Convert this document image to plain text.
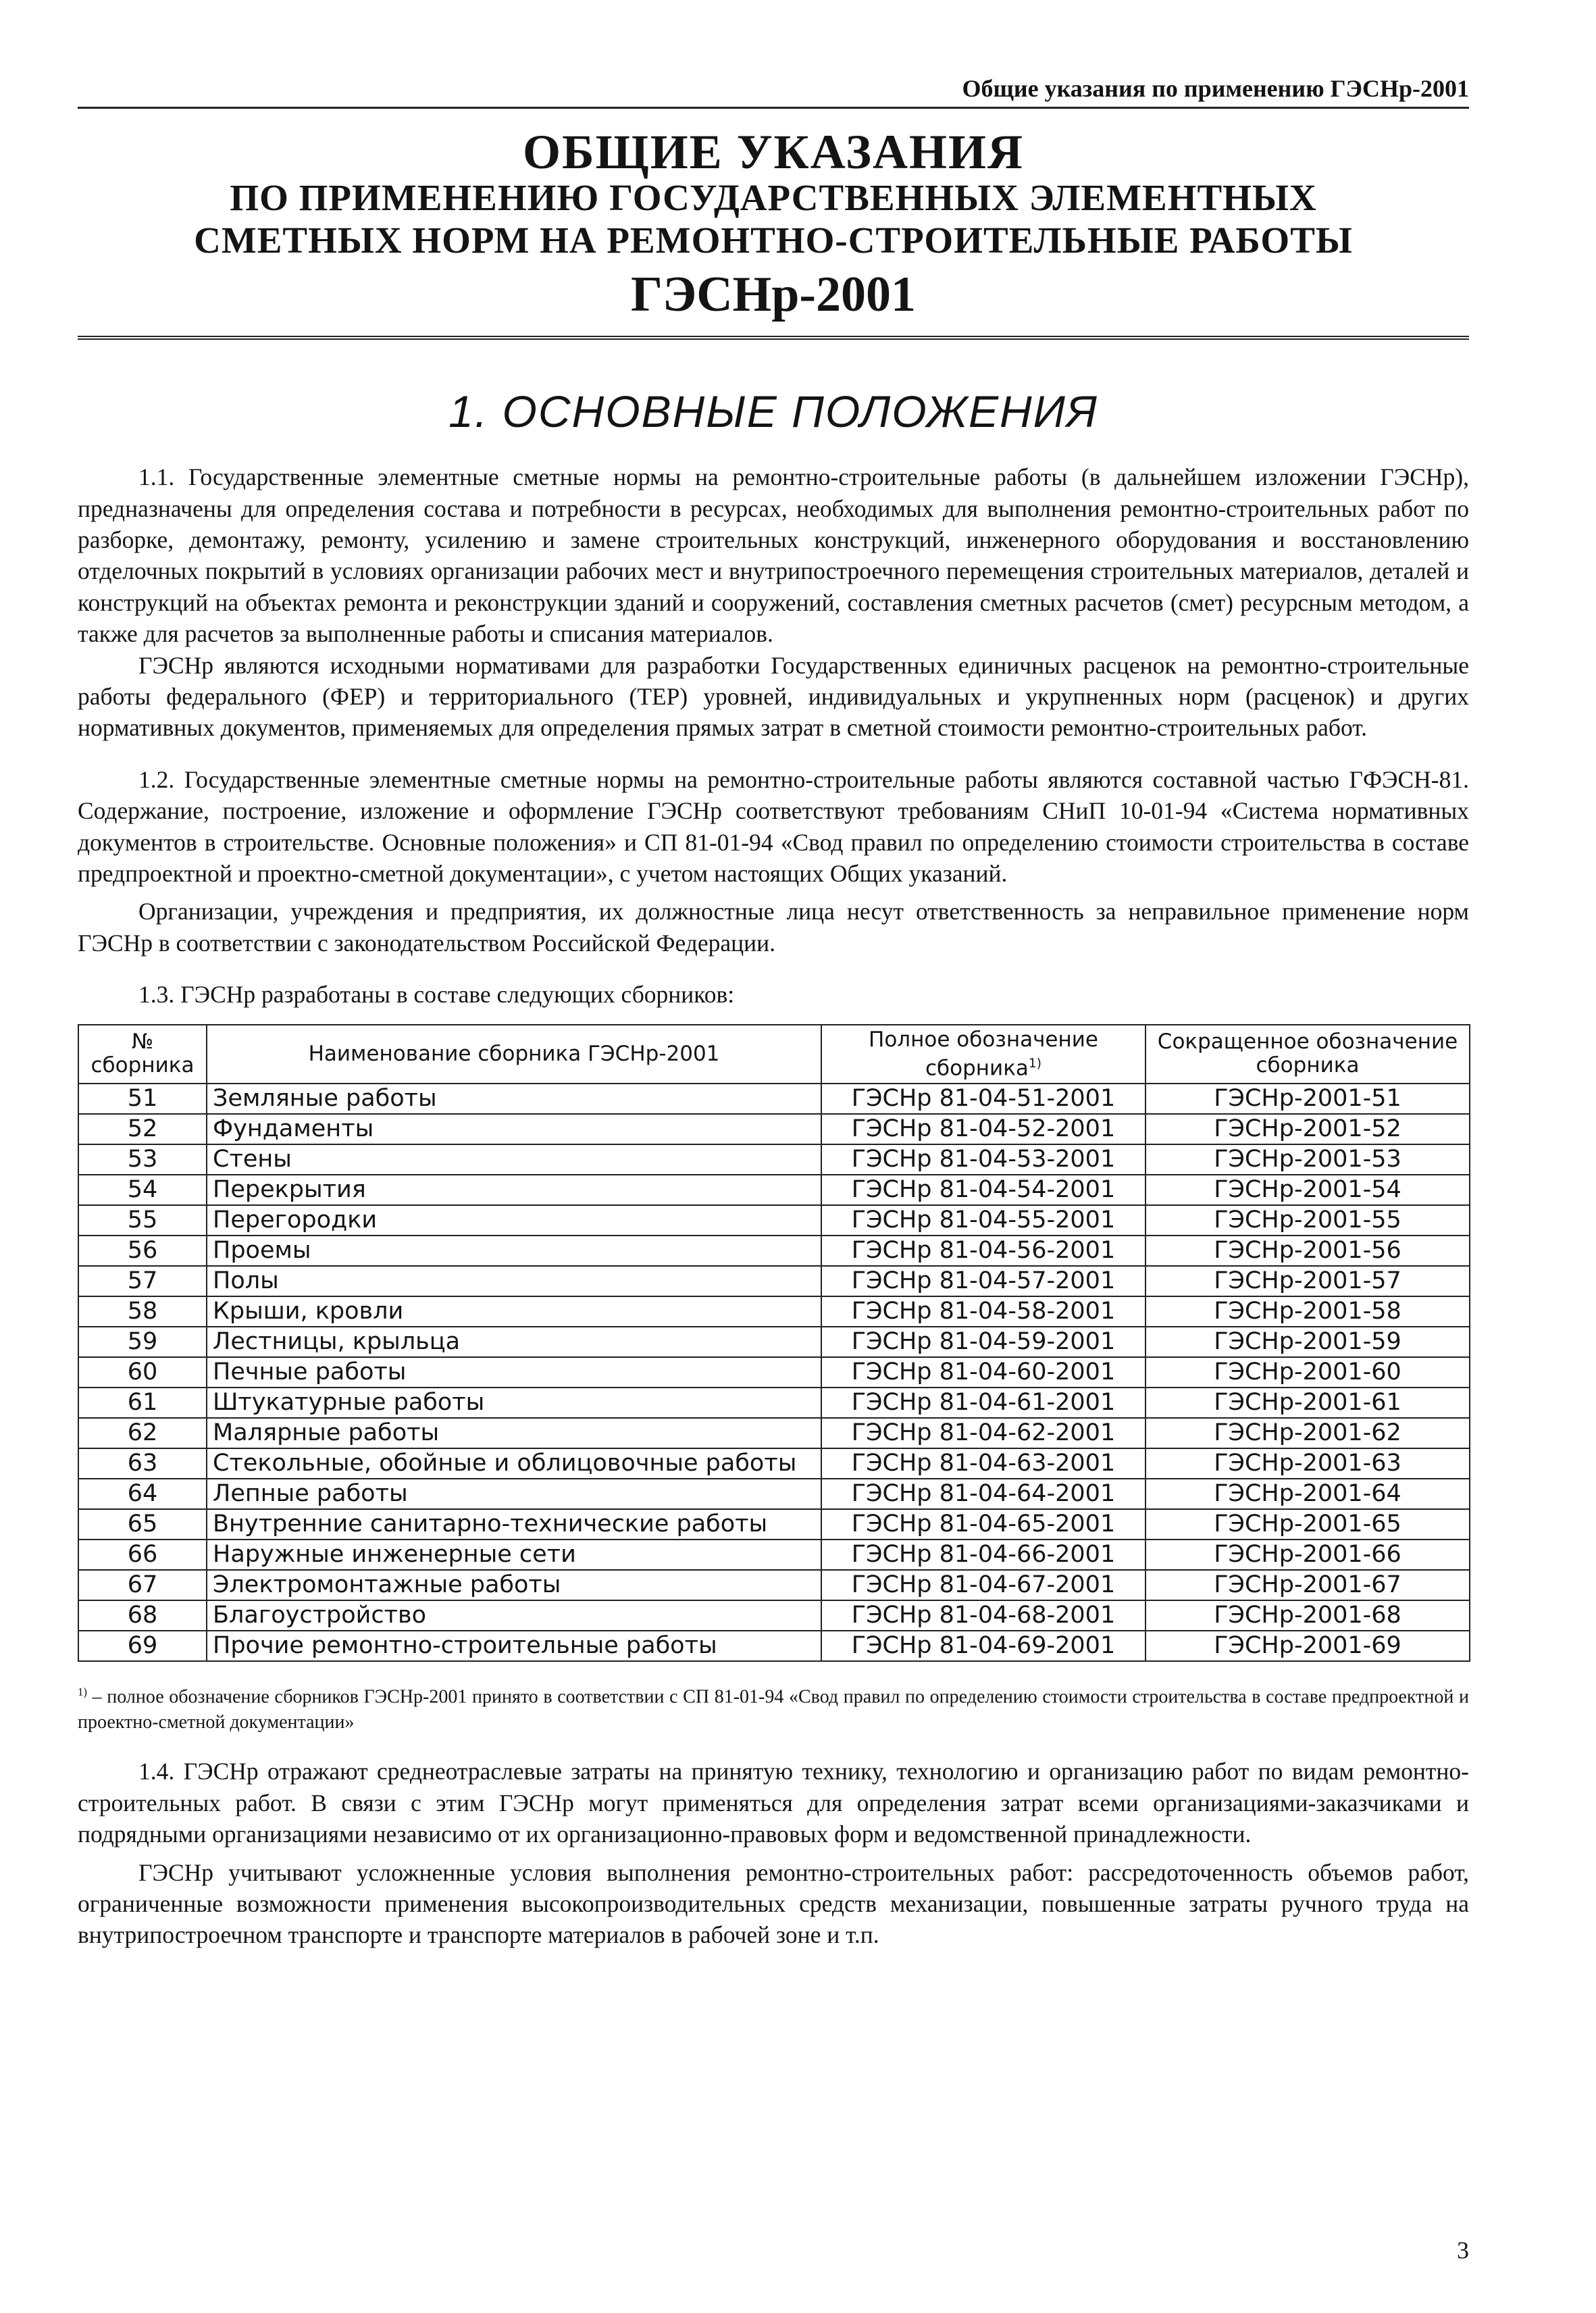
Общие указания по применению ГЭСНр-2001
ОБЩИЕ УКАЗАНИЯ
ПО ПРИМЕНЕНИЮ ГОСУДАРСТВЕННЫХ ЭЛЕМЕНТНЫХ
СМЕТНЫХ НОРМ НА РЕМОНТНО-СТРОИТЕЛЬНЫЕ РАБОТЫ
ГЭСНр-2001
1. ОСНОВНЫЕ ПОЛОЖЕНИЯ

1.1. Государственные элементные сметные нормы на ремонтно-строительные работы (в дальнейшем изложении ГЭСНр), предназначены для определения состава и потребности в ресурсах, необходимых для выполнения ремонтно-строительных работ по разборке, демонтажу, ремонту, усилению и замене строительных конструкций, инженерного оборудования и восстановлению отделочных покрытий в условиях организации рабочих мест и внутрипостроечного перемещения строительных материалов, деталей и конструкций на объектах ремонта и реконструкции зданий и сооружений, составления сметных расчетов (смет) ресурсным методом, а также для расчетов за выполненные работы и списания материалов.

ГЭСНр являются исходными нормативами для разработки Государственных единичных расценок на ремонтно-строительные работы федерального (ФЕР) и территориального (ТЕР) уровней, индивидуальных и укрупненных норм (расценок) и других нормативных документов, применяемых для определения прямых затрат в сметной стоимости ремонтно-строительных работ.

1.2. Государственные элементные сметные нормы на ремонтно-строительные работы являются составной частью ГФЭСН-81. Содержание, построение, изложение и оформление ГЭСНр соответствуют требованиям СНиП 10-01-94 «Система нормативных документов в строительстве. Основные положения» и СП 81-01-94 «Свод правил по определению стоимости строительства в составе предпроектной и проектно-сметной документации», с учетом настоящих Общих указаний.

Организации, учреждения и предприятия, их должностные лица несут ответственность за неправильное применение норм ГЭСНр в соответствии с законодательством Российской Федерации.

1.3. ГЭСНр разработаны в составе следующих сборников:

№ сборника	Наименование сборника ГЭСНр-2001	Полное обозначение сборника$^{1)}$	Сокращенное обозначение сборника
51	Земляные работы	ГЭСНр 81-04-51-2001	ГЭСНр-2001-51
52	Фундаменты	ГЭСНр 81-04-52-2001	ГЭСНр-2001-52
53	Стены	ГЭСНр 81-04-53-2001	ГЭСНр-2001-53
54	Перекрытия	ГЭСНр 81-04-54-2001	ГЭСНр-2001-54
55	Перегородки	ГЭСНр 81-04-55-2001	ГЭСНр-2001-55
56	Проемы	ГЭСНр 81-04-56-2001	ГЭСНр-2001-56
57	Полы	ГЭСНр 81-04-57-2001	ГЭСНр-2001-57
58	Крыши, кровли	ГЭСНр 81-04-58-2001	ГЭСНр-2001-58
59	Лестницы, крыльца	ГЭСНр 81-04-59-2001	ГЭСНр-2001-59
60	Печные работы	ГЭСНр 81-04-60-2001	ГЭСНр-2001-60
61	Штукатурные работы	ГЭСНр 81-04-61-2001	ГЭСНр-2001-61
62	Малярные работы	ГЭСНр 81-04-62-2001	ГЭСНр-2001-62
63	Стекольные, обойные и облицовочные работы	ГЭСНр 81-04-63-2001	ГЭСНр-2001-63
64	Лепные работы	ГЭСНр 81-04-64-2001	ГЭСНр-2001-64
65	Внутренние санитарно-технические работы	ГЭСНр 81-04-65-2001	ГЭСНр-2001-65
66	Наружные инженерные сети	ГЭСНр 81-04-66-2001	ГЭСНр-2001-66
67	Электромонтажные работы	ГЭСНр 81-04-67-2001	ГЭСНр-2001-67
68	Благоустройство	ГЭСНр 81-04-68-2001	ГЭСНр-2001-68
69	Прочие ремонтно-строительные работы	ГЭСНр 81-04-69-2001	ГЭСНр-2001-69
$^{1)}$ – полное обозначение сборников ГЭСНр-2001 принято в соответствии с СП 81-01-94 «Свод правил по определению стоимости строительства в составе предпроектной и проектно-сметной документации»

1.4. ГЭСНр отражают среднеотраслевые затраты на принятую технику, технологию и организацию работ по видам ремонтно-строительных работ. В связи с этим ГЭСНр могут применяться для определения затрат всеми организациями-заказчиками и подрядными организациями независимо от их организационно-правовых форм и ведомственной принадлежности.

ГЭСНр учитывают усложненные условия выполнения ремонтно-строительных работ: рассредоточенность объемов работ, ограниченные возможности применения высокопроизводительных средств механизации, повышенные затраты ручного труда на внутрипостроечном транспорте и транспорте материалов в рабочей зоне и т.п.

3
